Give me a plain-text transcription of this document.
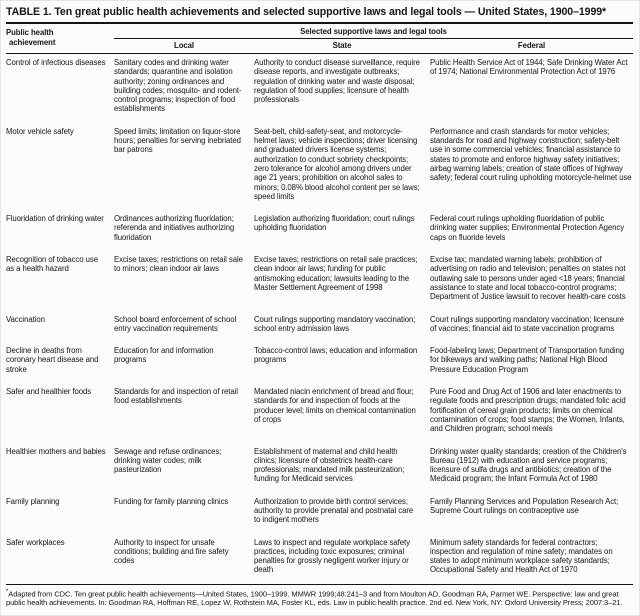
TABLE 1. Ten great public health achievements and selected supportive laws and legal tools — United States, 1900–1999*
Public health
achievement	Selected supportive laws and legal tools		
	Local	State	Federal
Control of infectious diseases	Sanitary codes and drinking water standards; quarantine and isolation authority; zoning ordinances and building codes; mosquito- and rodent-control programs; inspection of food establishments	Authority to conduct disease surveillance, require disease reports, and investigate outbreaks; regulation of drinking water and waste disposal; regulation of food supplies; licensure of health professionals	Public Health Service Act of 1944; Safe Drinking Water Act of 1974; National Environmental Protection Act of 1976
Motor vehicle safety	Speed limits; limitation on liquor-store hours; penalties for serving inebriated bar patrons	Seat-belt, child-safety-seat, and motorcycle-helmet laws; vehicle inspections; driver licensing and graduated drivers license systems; authorization to conduct sobriety checkpoints; zero tolerance for alcohol among drivers under age 21 years; prohibition on alcohol sales to minors; 0.08% blood alcohol content per se laws; speed limits	Performance and crash standards for motor vehicles; standards for road and highway construction; safety-belt use in some commercial vehicles; financial assistance to states to promote and enforce highway safety initiatives; airbag warning labels; creation of state offices of highway safety; federal court ruling upholding motorcycle-helmet use
Fluoridation of drinking water	Ordinances authorizing fluoridation; referenda and initiatives authorizing fluoridation	Legislation authorizing fluoridation; court rulings upholding fluoridation	Federal court rulings upholding fluoridation of public drinking water supplies; Environmental Protection Agency caps on fluoride levels
Recognition of tobacco use as a health hazard	Excise taxes; restrictions on retail sale to minors; clean indoor air laws	Excise taxes; restrictions on retail sale practices; clean indoor air laws; funding for public antismoking education; lawsuits leading to the Master Settlement Agreement of 1998	Excise tax; mandated warning labels; prohibition of advertising on radio and television; penalties on states not outlawing sale to persons under aged <18 years; financial assistance to state and local tobacco-control programs; Department of Justice lawsuit to recover health-care costs
Vaccination	School board enforcement of school entry vaccination requirements	Court rulings supporting mandatory vaccination; school entry admission laws	Court rulings supporting mandatory vaccination; licensure of vaccines; financial aid to state vaccination programs
Decline in deaths from coronary heart disease and stroke	Education for and information programs	Tobacco-control laws; education and information programs	Food-labeling laws; Department of Transportation funding for bikeways and walking paths; National High Blood Pressure Education Program
Safer and healthier foods	Standards for and inspection of retail food establishments	Mandated niacin enrichment of bread and flour; standards for and inspection of foods at the producer level; limits on chemical contamination of crops	Pure Food and Drug Act of 1906 and later enactments to regulate foods and prescription drugs; mandated folic acid fortification of cereal grain products; limits on chemical contamination of crops; food stamps; the Women, Infants, and Children program; school meals
Healthier mothers and babies	Sewage and refuse ordinances; drinking water codes; milk pasteurization	Establishment of maternal and child health clinics; licensure of obstetrics health-care professionals; mandated milk pasteurization; funding for Medicaid services	Drinking water quality standards; creation of the Children's Bureau (1912) with education and service programs; licensure of sulfa drugs and antibiotics; creation of the Medicaid program; the Infant Formula Act of 1980
Family planning	Funding for family planning clinics	Authorization to provide birth control services; authority to provide prenatal and postnatal care to indigent mothers	Family Planning Services and Population Research Act; Supreme Court rulings on contraceptive use
Safer workplaces	Authority to inspect for unsafe conditions; building and fire safety codes	Laws to inspect and regulate workplace safety practices, including toxic exposures; criminal penalties for grossly negligent worker injury or death	Minimum safety standards for federal contractors; inspection and regulation of mine safety; mandates on states to adopt minimum workplace safety standards; Occupational Safety and Health Act of 1970
*Adapted from CDC. Ten great public health achievements—United States, 1900–1999. MMWR 1999;48:241–3 and from Moulton AD, Goodman RA, Parmet WE. Perspective: law and great public health achievements. In: Goodman RA, Hoffman RE, Lopez W, Rothstein MA, Foster KL, eds. Law in public health practice. 2nd ed. New York, NY: Oxford University Press; 2007:3–21.
